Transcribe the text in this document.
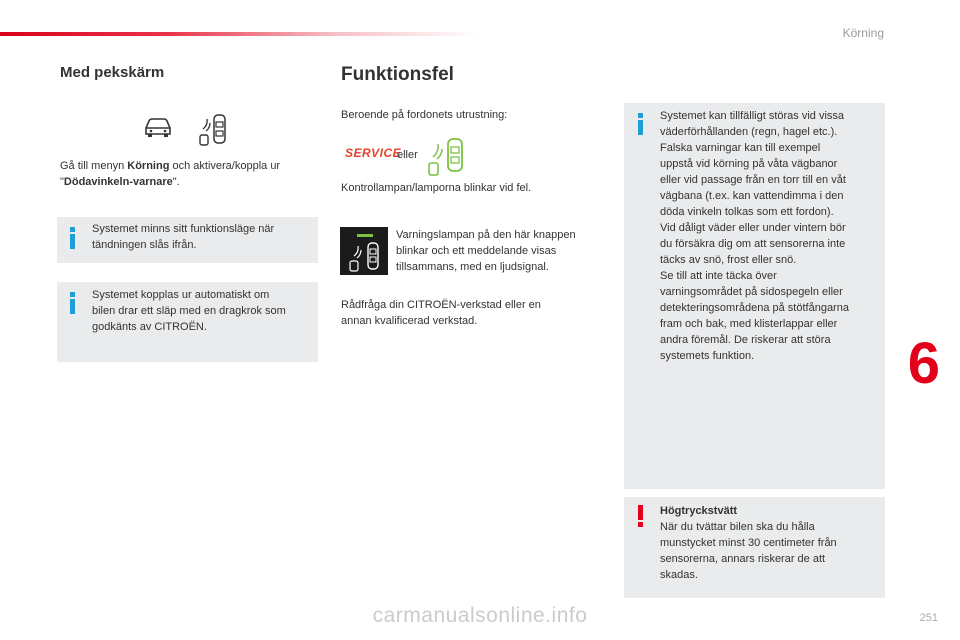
Körning
6
251
Med pekskärm
Gå till menyn Körning och aktivera/koppla ur
"Dödavinkeln-varnare".
Systemet minns sitt funktionsläge när
tändningen slås ifrån.
Systemet kopplas ur automatiskt om
bilen drar ett släp med en dragkrok som
godkänts av CITROËN.
Funktionsfel
Beroende på fordonets utrustning:
SERVICE
eller
Kontrollampan/lamporna blinkar vid fel.
Varningslampan på den här knappen
blinkar och ett meddelande visas
tillsammans, med en ljudsignal.
Rådfråga din CITROËN-verkstad eller en
annan kvalificerad verkstad.
Systemet kan tillfälligt störas vid vissa
väderförhållanden (regn, hagel etc.).
Falska varningar kan till exempel
uppstå vid körning på våta vägbanor
eller vid passage från en torr till en våt
vägbana (t.ex. kan vattendimma i den
döda vinkeln tolkas som ett fordon).
Vid dåligt väder eller under vintern bör
du försäkra dig om att sensorerna inte
täcks av snö, frost eller snö.
Se till att inte täcka över
varningsområdet på sidospegeln eller
detekteringsområdena på stötfångarna
fram och bak, med klisterlappar eller
andra föremål. De riskerar att störa
systemets funktion.
Högtryckstvätt
När du tvättar bilen ska du hålla
munstycket minst 30 centimeter från
sensorerna, annars riskerar de att
skadas.
carmanualsonline.info
